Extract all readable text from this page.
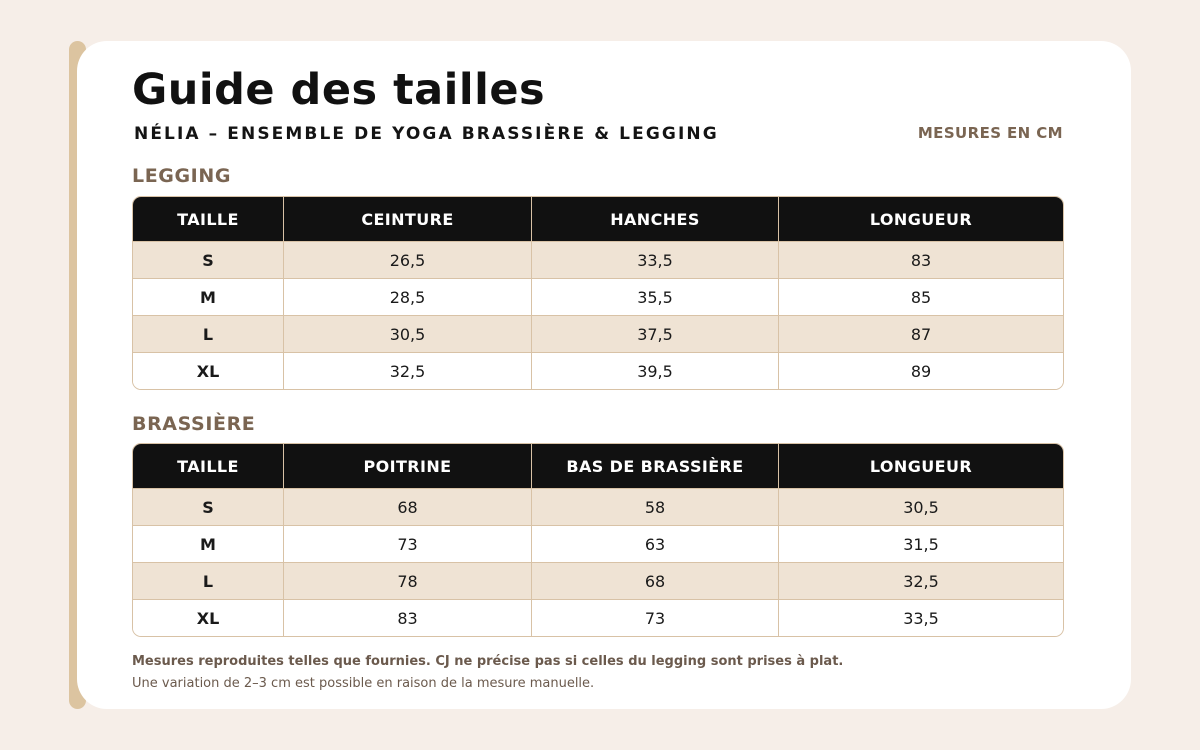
Guide des tailles
NÉLIA – ENSEMBLE DE YOGA BRASSIÈRE & LEGGING	MESURES EN CM
LEGGING
TAILLE	CEINTURE	HANCHES	LONGUEUR
S	26,5	33,5	83
M	28,5	35,5	85
L	30,5	37,5	87
XL	32,5	39,5	89
BRASSIÈRE
TAILLE	POITRINE	BAS DE BRASSIÈRE	LONGUEUR
S	68	58	30,5
M	73	63	31,5
L	78	68	32,5
XL	83	73	33,5

Mesures reproduites telles que fournies. CJ ne précise pas si celles du legging sont prises à plat.

Une variation de 2–3 cm est possible en raison de la mesure manuelle.
